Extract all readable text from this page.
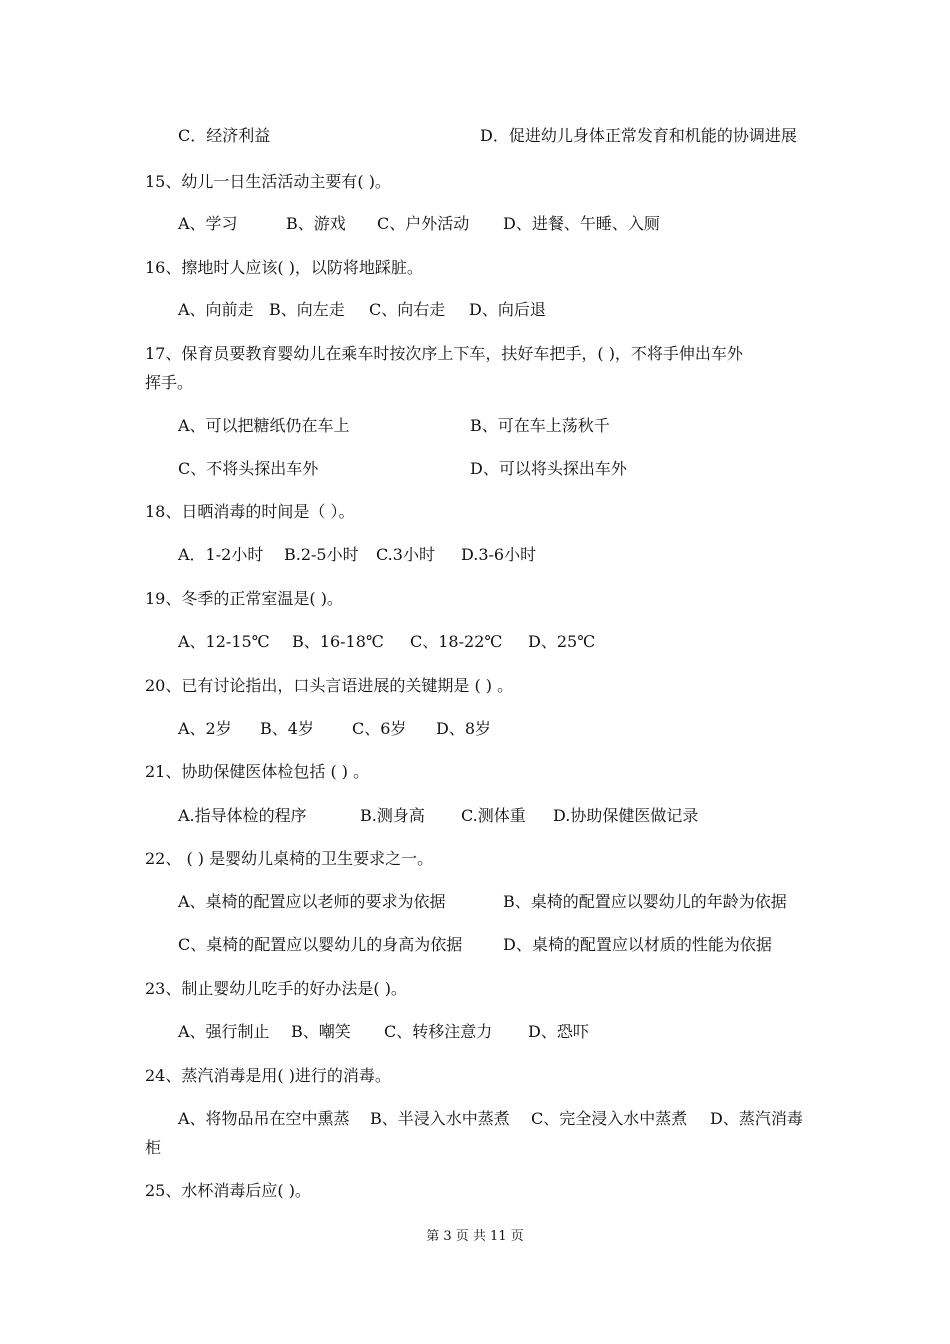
C．经济利益	D．促进幼儿身体正常发育和机能的协调进展
15、幼儿一日生活活动主要有( )。
A、学习	B、游戏 C、户外活动 D、进餐、午睡、入厕
16、擦地时人应该( )，以防将地踩脏。
A、向前走 B、向左走 C、向右走 D、向后退
17、保育员要教育婴幼儿在乘车时按次序上下车，扶好车把手，( )，不将手伸出车外
挥手。
A、可以把糖纸仍在车上	B、可在车上荡秋千
C、不将头探出车外	D、可以将头探出车外
18、日晒消毒的时间是（ ）。
A．1-2小时 B.2-5小时 C.3小时 D.3-6小时
19、冬季的正常室温是( )。
A、12-15℃ B、16-18℃ C、18-22℃ D、25℃
20、已有讨论指出，口头言语进展的关键期是 ( ) 。
A、2岁 B、4岁 C、6岁 D、8岁
21、协助保健医体检包括 ( ) 。
A.指导体检的程序	B.测身高 C.测体重 D.协助保健医做记录
22、 ( ) 是婴幼儿桌椅的卫生要求之一。
A、桌椅的配置应以老师的要求为依据	B、桌椅的配置应以婴幼儿的年龄为依据
C、桌椅的配置应以婴幼儿的身高为依据	D、桌椅的配置应以材质的性能为依据
23、制止婴幼儿吃手的好办法是( )。
A、强行制止 B、嘲笑 C、转移注意力 D、恐吓
24、蒸汽消毒是用( )进行的消毒。
A、将物品吊在空中熏蒸 B、半浸入水中蒸煮 C、完全浸入水中蒸煮 D、蒸汽消毒
柜
25、水杯消毒后应( )。
第 3 页 共 11 页
